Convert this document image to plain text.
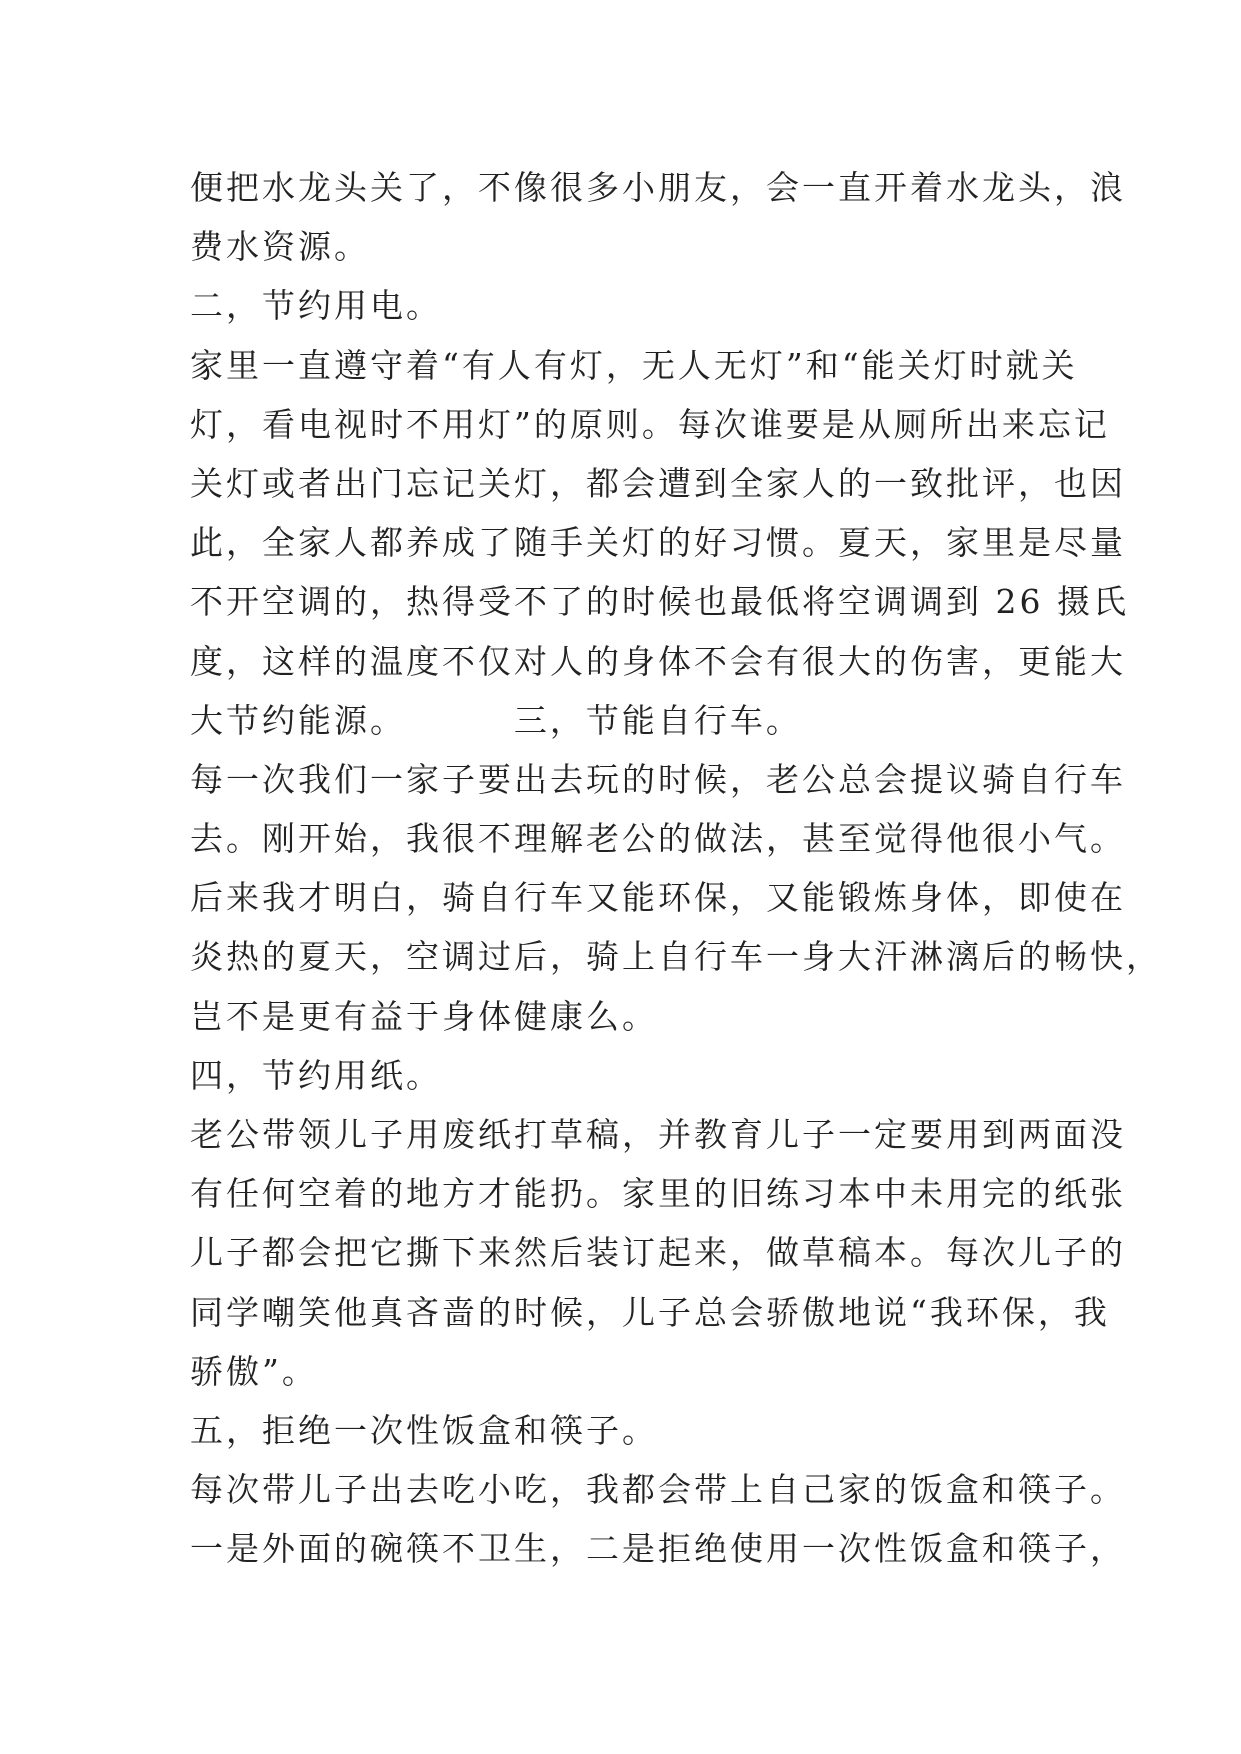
便把水龙头关了，不像很多小朋友，会一直开着水龙头，浪
费水资源。
二，节约用电。
家里一直遵守着“有人有灯，无人无灯”和“能关灯时就关
灯，看电视时不用灯”的原则。每次谁要是从厕所出来忘记
关灯或者出门忘记关灯，都会遭到全家人的一致批评，也因
此，全家人都养成了随手关灯的好习惯。夏天，家里是尽量
不开空调的，热得受不了的时候也最低将空调调到 26 摄氏
度，这样的温度不仅对人的身体不会有很大的伤害，更能大
大节约能源。        三，节能自行车。
每一次我们一家子要出去玩的时候，老公总会提议骑自行车
去。刚开始，我很不理解老公的做法，甚至觉得他很小气。
后来我才明白，骑自行车又能环保，又能锻炼身体，即使在
炎热的夏天，空调过后，骑上自行车一身大汗淋漓后的畅快，
岂不是更有益于身体健康么。
四，节约用纸。
老公带领儿子用废纸打草稿，并教育儿子一定要用到两面没
有任何空着的地方才能扔。家里的旧练习本中未用完的纸张
儿子都会把它撕下来然后装订起来，做草稿本。每次儿子的
同学嘲笑他真吝啬的时候，儿子总会骄傲地说“我环保，我
骄傲”。
五，拒绝一次性饭盒和筷子。
每次带儿子出去吃小吃，我都会带上自己家的饭盒和筷子。
一是外面的碗筷不卫生，二是拒绝使用一次性饭盒和筷子，
